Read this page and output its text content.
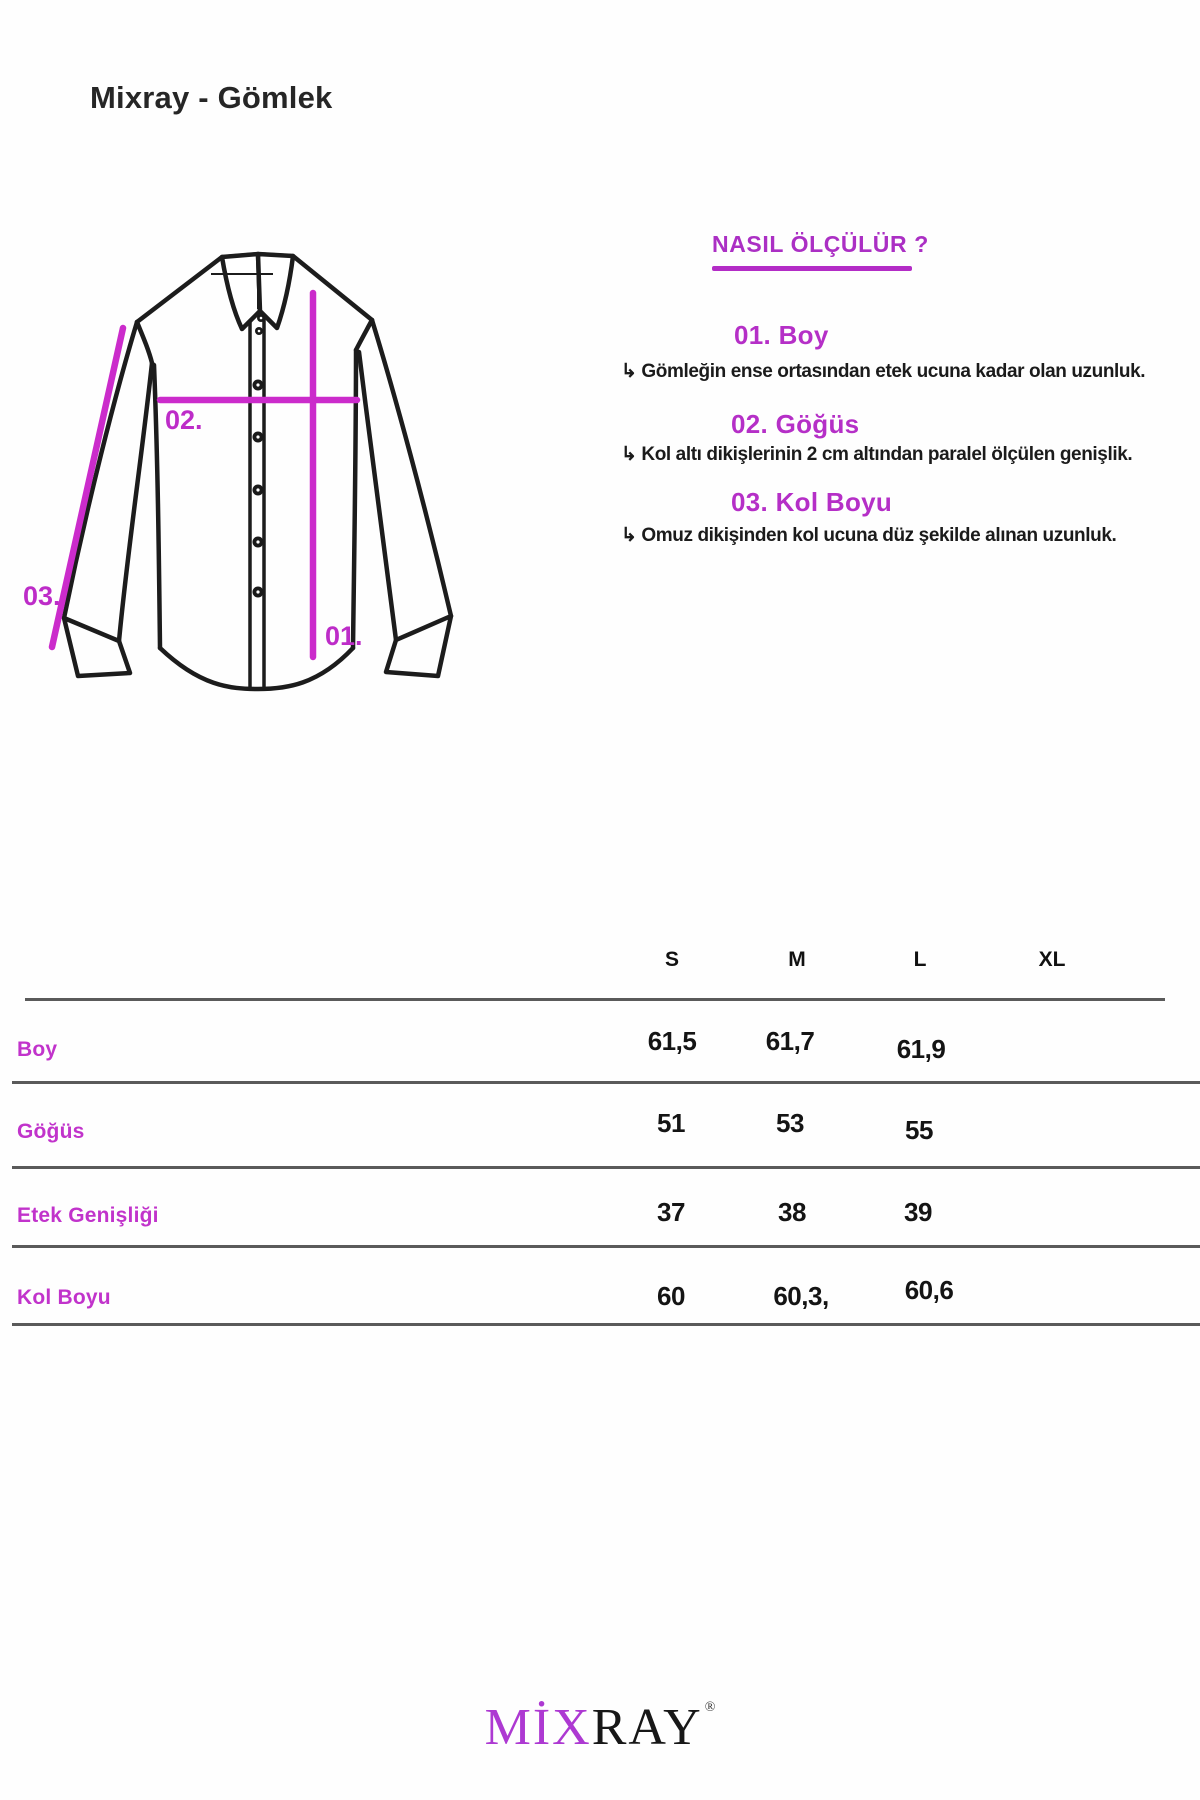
Mixray - Gömlek
02.
01.
03.
NASIL ÖLÇÜLÜR ?
01. Boy
↳ Gömleğin ense ortasından etek ucuna kadar olan uzunluk.
02. Göğüs
↳ Kol altı dikişlerinin 2 cm altından paralel ölçülen genişlik.
03. Kol Boyu
↳ Omuz dikişinden kol ucuna düz şekilde alınan uzunluk.
S	M	L	XL
Boy	61,5	61,7	61,9
Göğüs	51	53	55
Etek Genişliği	37	38	39
Kol Boyu	60	60,3,	60,6
MİX RAY ®
